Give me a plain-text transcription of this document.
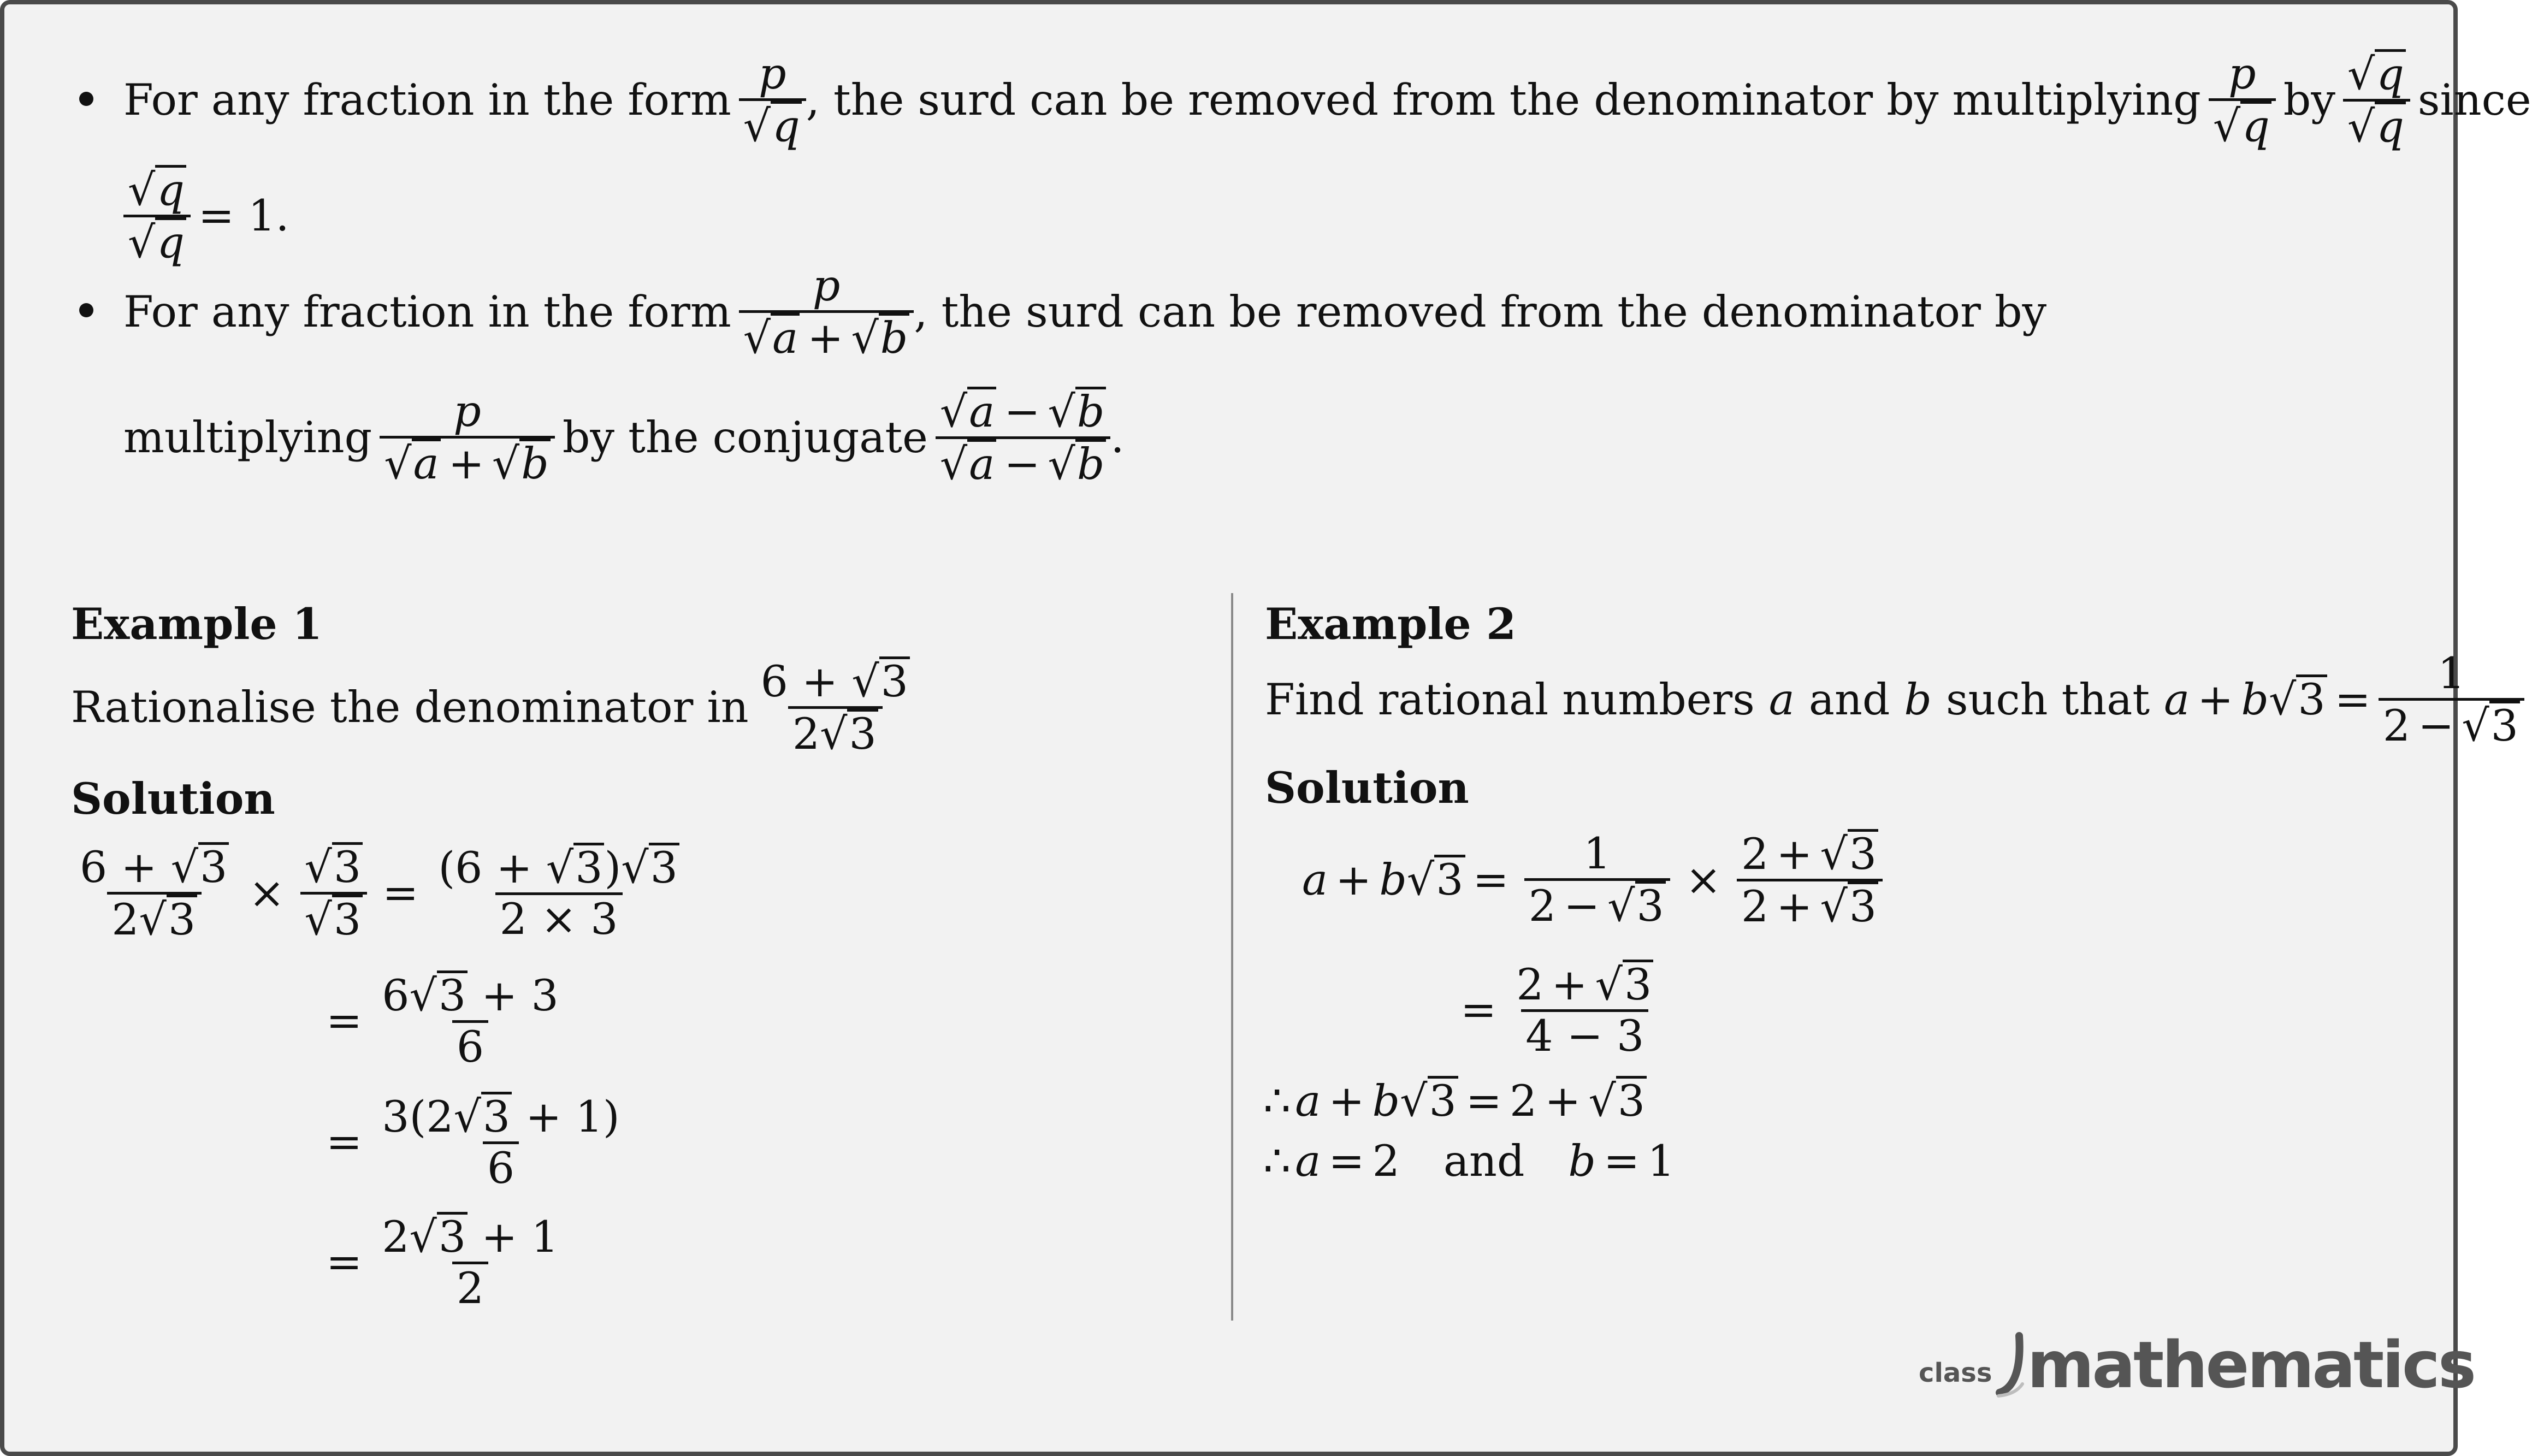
For any fraction in the form $\frac{p}{√ q}$ , the surd can be removed from the denominator by multiplying $\frac{p}{√ q}$ by $\frac{√ q}{√ q}$ since
$\frac{√ q}{√ q} = 1$.
For any fraction in the form $\frac{p}{√ a + √ b}$ , the surd can be removed from the denominator by
multiplying $\frac{p}{√ a + √ b}$ by the conjugate $\frac{√ a - √ b}{√ a - √ b}$ .
Example 1
Rationalise the denominator in $\frac{6 + √ 3}{2 √ 3}$
Solution
$\frac{6 + √ 3}{2 √ 3} \times \frac{√ 3}{√ 3} = \frac{(6 + √ 3 ) √ 3}{2 \times 3}$
= $\frac{6 √ 3 + 3}{6}$
= $\frac{3(2 √ 3 + 1)}{6}$
= $\frac{2 √ 3 + 1}{2}$
Example 2
Find rational numbers a and b such that a + b √ $3 = \frac{1}{2 - √ 3}$
Solution
a + b √ $3 = \frac{1}{2 - √ 3} \times \frac{2 + √ 3}{2 + √ 3}$
= $\frac{2 + √ 3}{4 - 3}$
∴ a + b √ 3 = 2 + √ 3
∴ a = 2 and b = 1
class mathematics
